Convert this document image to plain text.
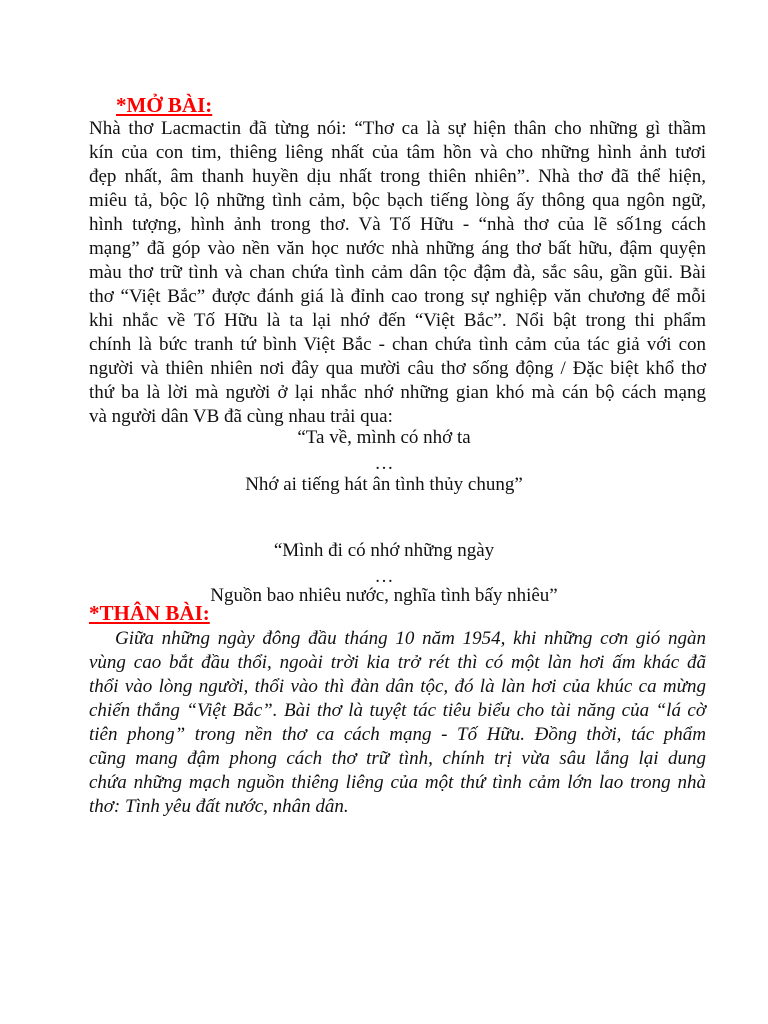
*MỞ BÀI:
Nhà thơ Lacmactin đã từng nói: “Thơ ca là sự hiện thân cho những gì thầm
kín của con tim, thiêng liêng nhất của tâm hồn và cho những hình ảnh tươi
đẹp nhất, âm thanh huyền dịu nhất trong thiên nhiên”. Nhà thơ đã thể hiện,
miêu tả, bộc lộ những tình cảm, bộc bạch tiếng lòng ấy thông qua ngôn ngữ,
hình tượng, hình ảnh trong thơ. Và Tố Hữu - “nhà thơ của lẽ số1ng cách
mạng” đã góp vào nền văn học nước nhà những áng thơ bất hữu, đậm quyện
màu thơ trữ tình và chan chứa tình cảm dân tộc đậm đà, sắc sâu, gần gũi. Bài
thơ “Việt Bắc” được đánh giá là đỉnh cao trong sự nghiệp văn chương để mỗi
khi nhắc về Tố Hữu là ta lại nhớ đến “Việt Bắc”. Nổi bật trong thi phẩm
chính là bức tranh tứ bình Việt Bắc - chan chứa tình cảm của tác giả với con
người và thiên nhiên nơi đây qua mười câu thơ sống động / Đặc biệt khổ thơ
thứ ba là lời mà người ở lại nhắc nhớ những gian khó mà cán bộ cách mạng
và người dân VB đã cùng nhau trải qua:
“Ta về, mình có nhớ ta
…
Nhớ ai tiếng hát ân tình thủy chung”
“Mình đi có nhớ những ngày
…
Nguồn bao nhiêu nước, nghĩa tình bấy nhiêu”
*THÂN BÀI:
Giữa những ngày đông đầu tháng 10 năm 1954, khi những cơn gió ngàn
vùng cao bắt đầu thổi, ngoài trời kia trở rét thì có một làn hơi ấm khác đã
thổi vào lòng người, thổi vào thì đàn dân tộc, đó là làn hơi của khúc ca mừng
chiến thắng “Việt Bắc”. Bài thơ là tuyệt tác tiêu biểu cho tài năng của “lá cờ
tiên phong” trong nền thơ ca cách mạng - Tố Hữu. Đồng thời, tác phẩm
cũng mang đậm phong cách thơ trữ tình, chính trị vừa sâu lắng lại dung
chứa những mạch nguồn thiêng liêng của một thứ tình cảm lớn lao trong nhà
thơ: Tình yêu đất nước, nhân dân.
